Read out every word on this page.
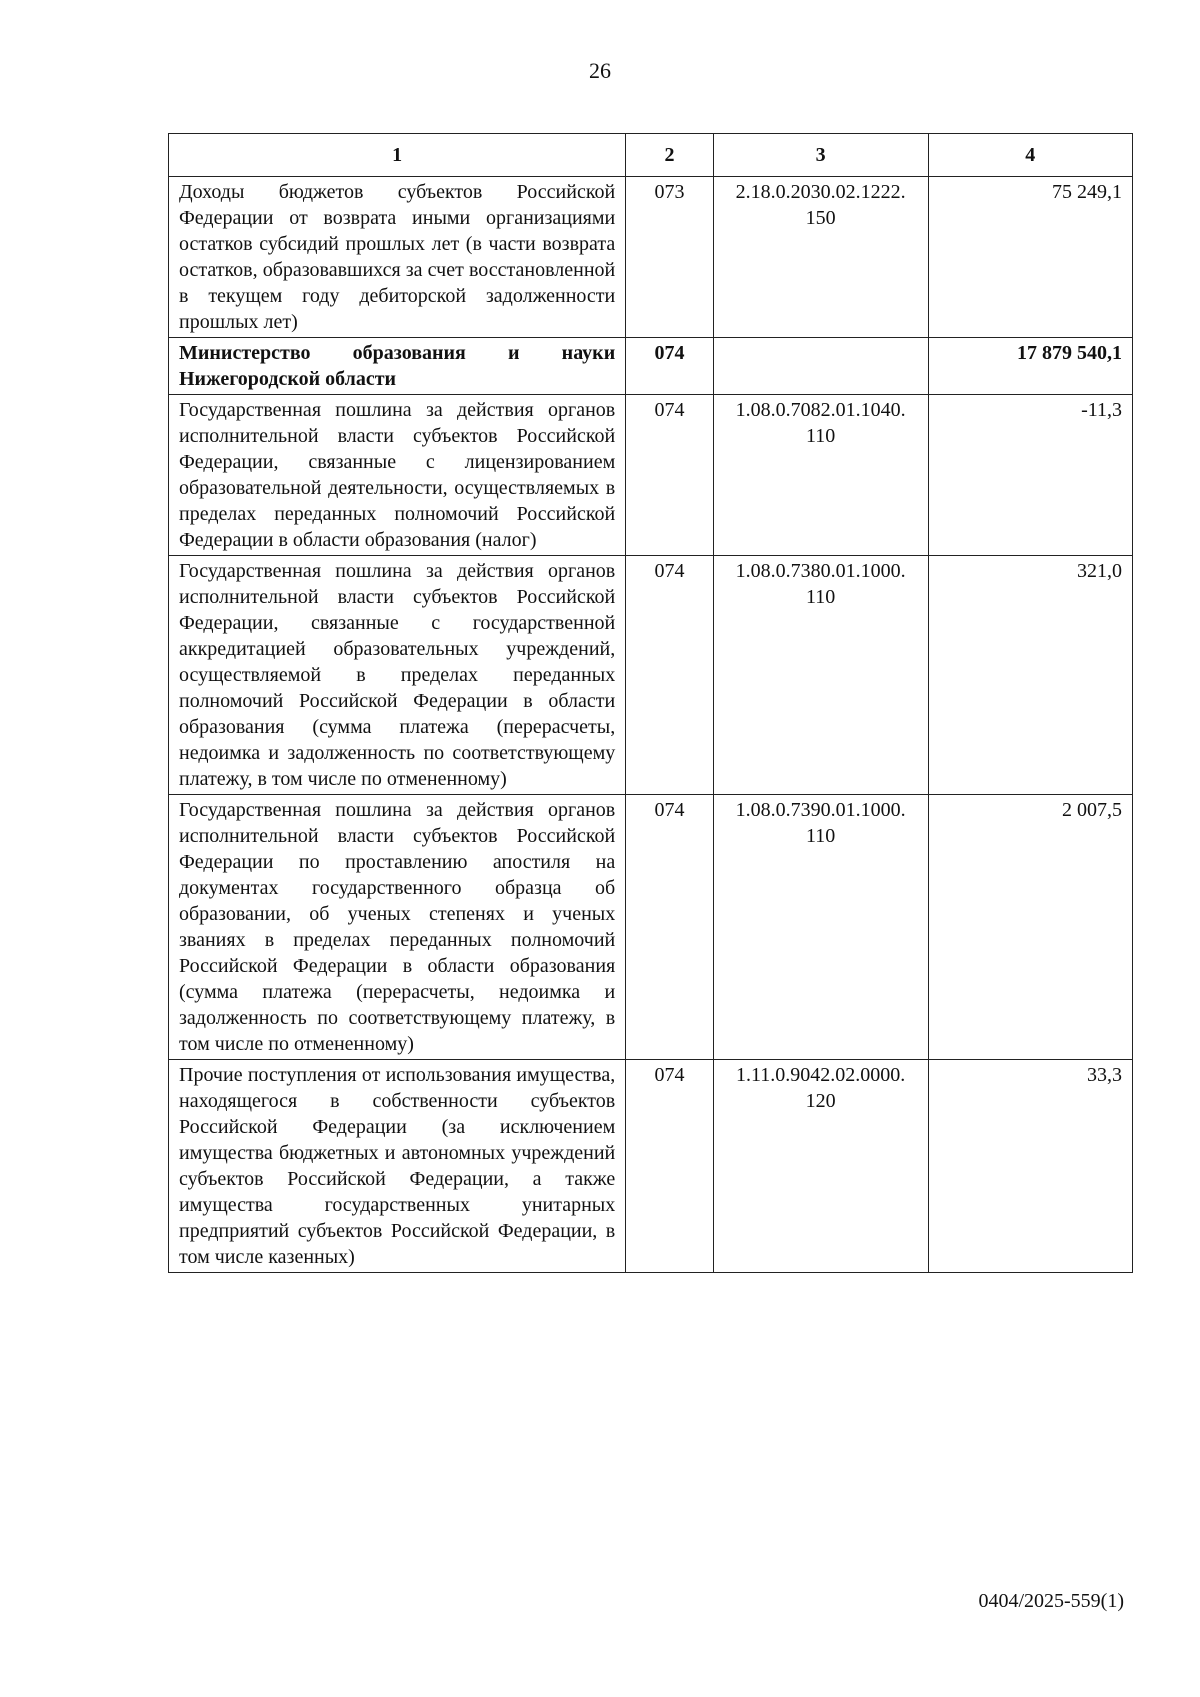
26
1	2	3	4
Доходы бюджетов субъектов Российской Федерации от возврата иными организациями остатков субсидий прошлых лет (в части возврата остатков, образовавшихся за счет восстановленной в текущем году дебиторской задолженности прошлых лет)	073	2.18.0.2030.02.1222. 150	75 249,1
Министерство образования и науки Нижегородской области	074		17 879 540,1
Государственная пошлина за действия органов исполнительной власти субъектов Российской Федерации, связанные с лицензированием образовательной деятельности, осуществляемых в пределах переданных полномочий Российской Федерации в области образования (налог)	074	1.08.0.7082.01.1040. 110	-11,3
Государственная пошлина за действия органов исполнительной власти субъектов Российской Федерации, связанные с государственной аккредитацией образовательных учреждений, осуществляемой в пределах переданных полномочий Российской Федерации в области образования (сумма платежа (перерасчеты, недоимка и задолженность по соответствующему платежу, в том числе по отмененному)	074	1.08.0.7380.01.1000. 110	321,0
Государственная пошлина за действия органов исполнительной власти субъектов Российской Федерации по проставлению апостиля на документах государственного образца об образовании, об ученых степенях и ученых званиях в пределах переданных полномочий Российской Федерации в области образования (сумма платежа (перерасчеты, недоимка и задолженность по соответствующему платежу, в том числе по отмененному)	074	1.08.0.7390.01.1000. 110	2 007,5
Прочие поступления от использования имущества, находящегося в собственности субъектов Российской Федерации (за исключением имущества бюджетных и автономных учреждений субъектов Российской Федерации, а также имущества государственных унитарных предприятий субъектов Российской Федерации, в том числе казенных)	074	1.11.0.9042.02.0000. 120	33,3
0404/2025-559(1)
